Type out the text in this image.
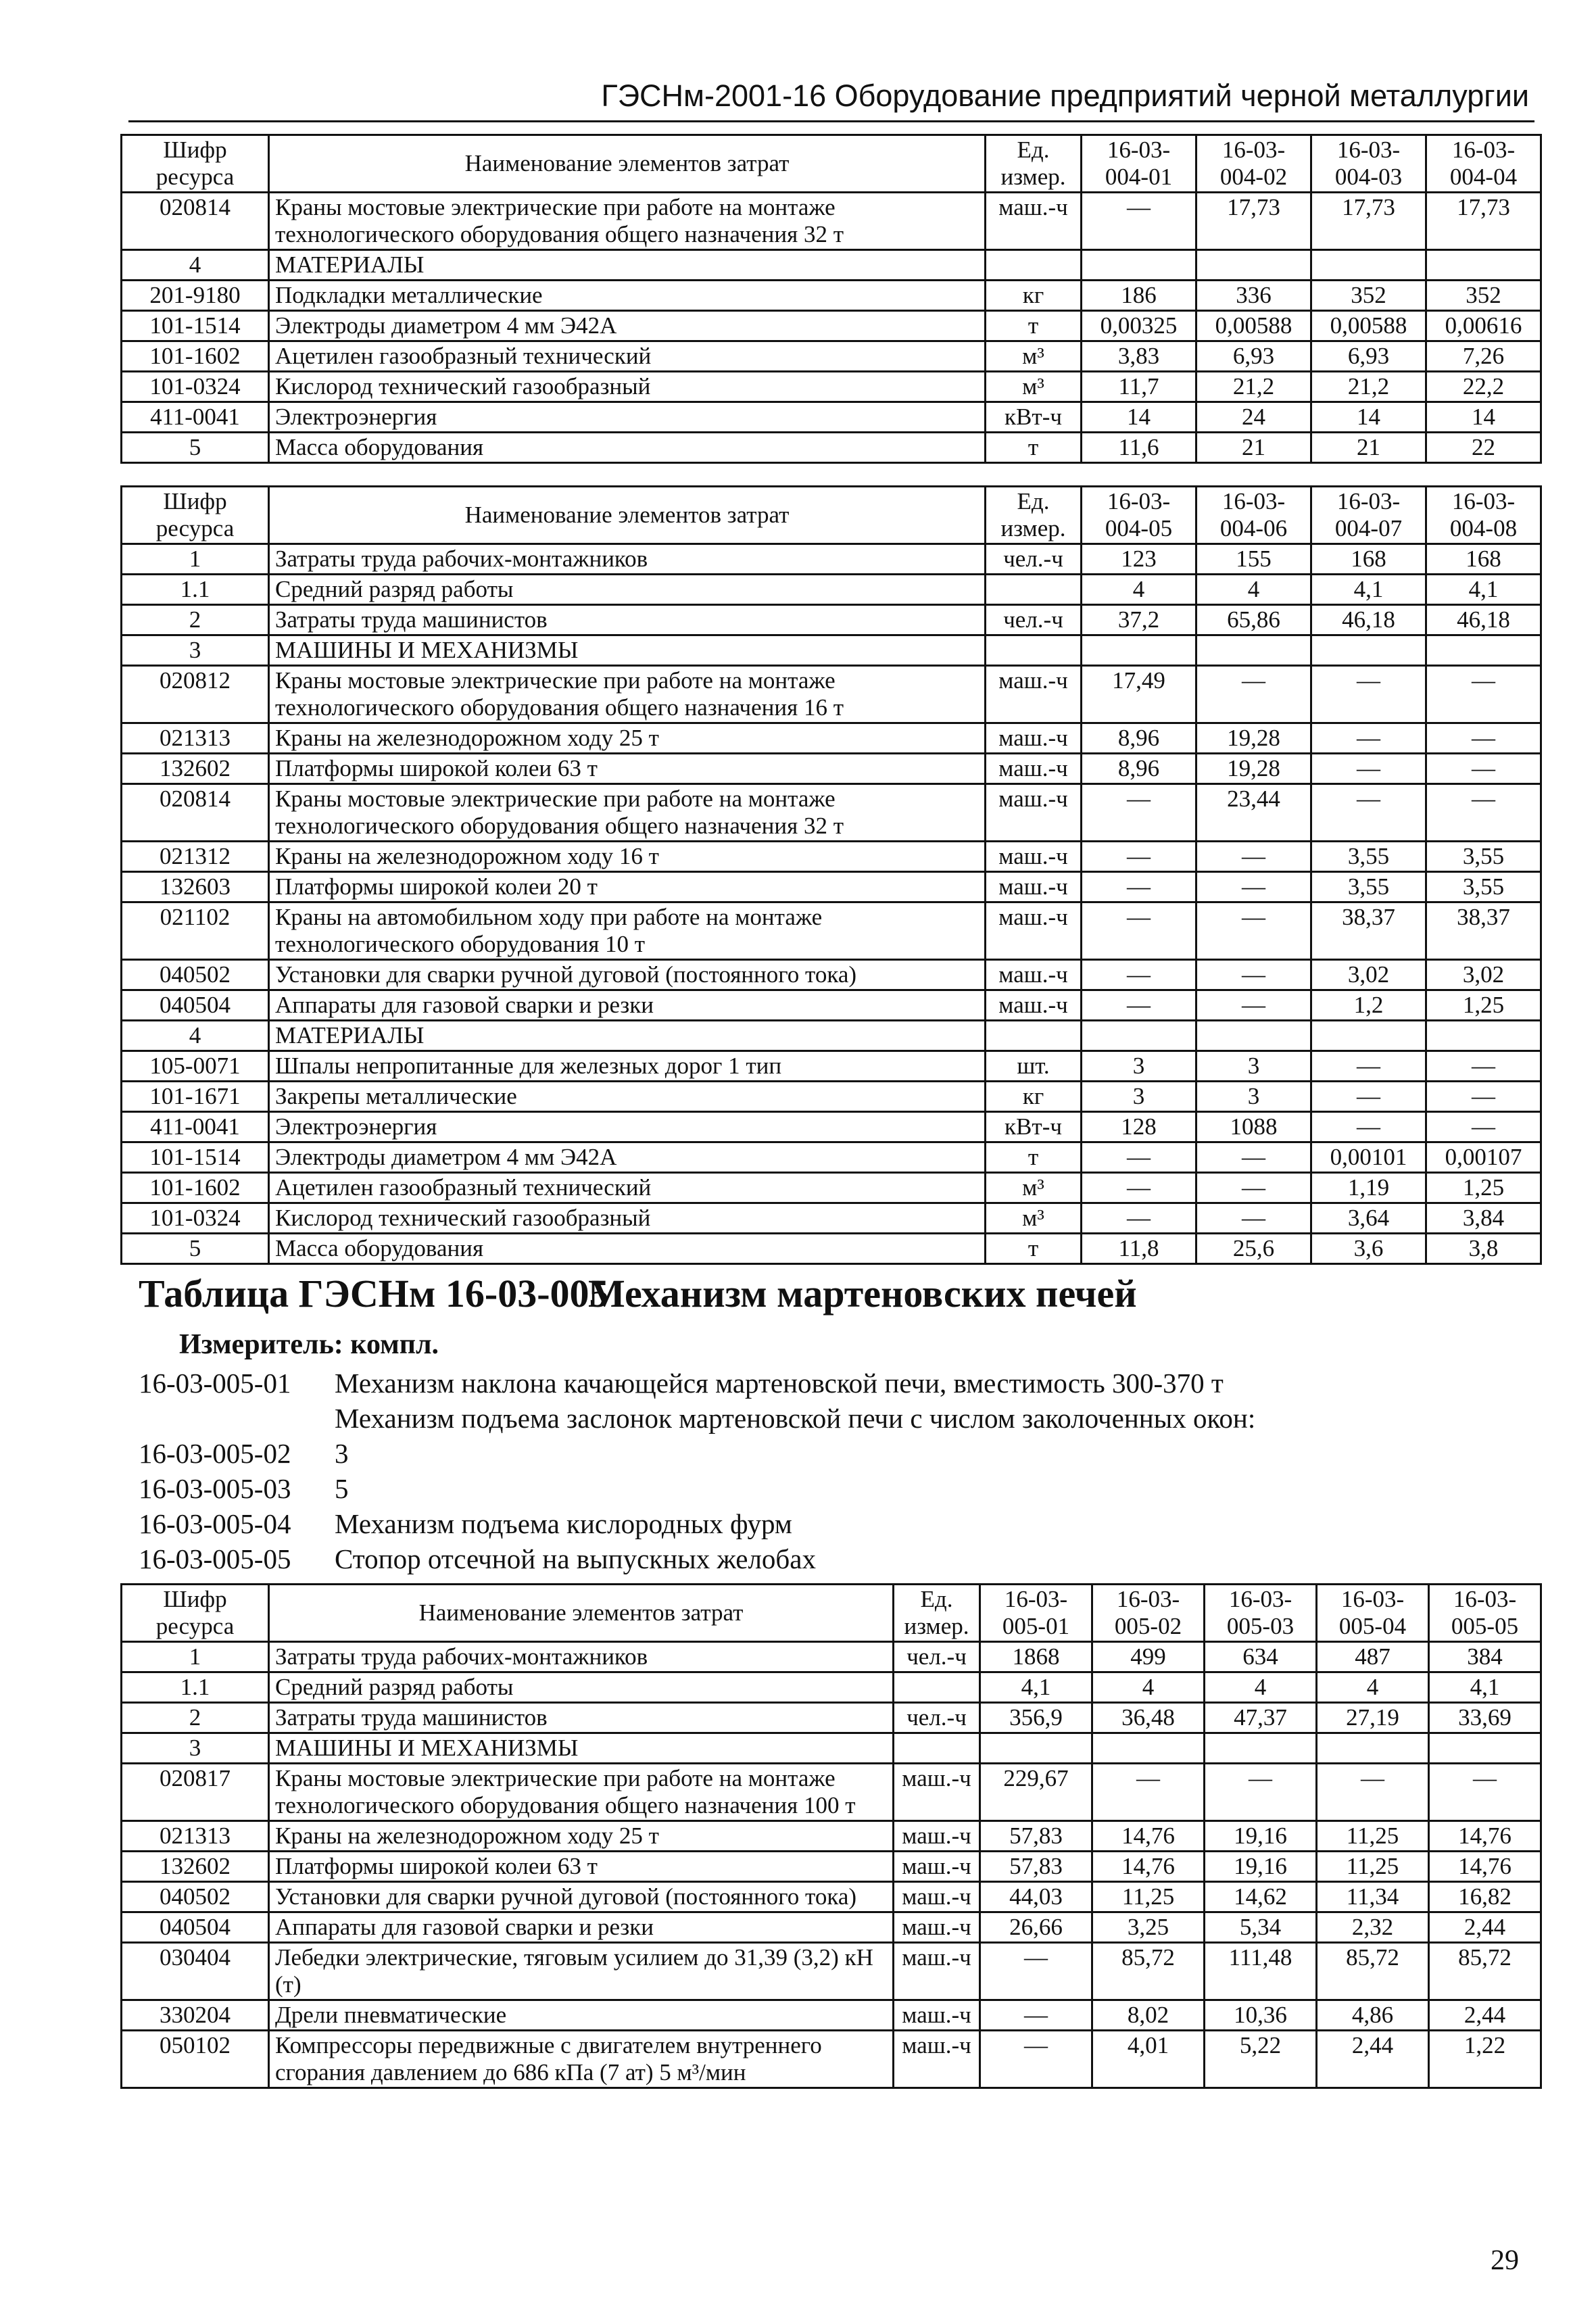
ГЭСНм-2001-16 Оборудование предприятий черной металлургии
Шифр ресурса	Наименование элементов затрат	Ед. измер.	16-03-004-01	16-03-004-02	16-03-004-03	16-03-004-04
020814	Краны мостовые электрические при работе на монтаже технологического оборудования общего назначения 32 т	маш.-ч	—	17,73	17,73	17,73
4	МАТЕРИАЛЫ					
201-9180	Подкладки металлические	кг	186	336	352	352
101-1514	Электроды диаметром 4 мм Э42А	т	0,00325	0,00588	0,00588	0,00616
101-1602	Ацетилен газообразный технический	м³	3,83	6,93	6,93	7,26
101-0324	Кислород технический газообразный	м³	11,7	21,2	21,2	22,2
411-0041	Электроэнергия	кВт-ч	14	24	14	14
5	Масса оборудования	т	11,6	21	21	22
Шифр ресурса	Наименование элементов затрат	Ед. измер.	16-03-004-05	16-03-004-06	16-03-004-07	16-03-004-08
1	Затраты труда рабочих-монтажников	чел.-ч	123	155	168	168
1.1	Средний разряд работы		4	4	4,1	4,1
2	Затраты труда машинистов	чел.-ч	37,2	65,86	46,18	46,18
3	МАШИНЫ И МЕХАНИЗМЫ					
020812	Краны мостовые электрические при работе на монтаже технологического оборудования общего назначения 16 т	маш.-ч	17,49	—	—	—
021313	Краны на железнодорожном ходу 25 т	маш.-ч	8,96	19,28	—	—
132602	Платформы широкой колеи 63 т	маш.-ч	8,96	19,28	—	—
020814	Краны мостовые электрические при работе на монтаже технологического оборудования общего назначения 32 т	маш.-ч	—	23,44	—	—
021312	Краны на железнодорожном ходу 16 т	маш.-ч	—	—	3,55	3,55
132603	Платформы широкой колеи 20 т	маш.-ч	—	—	3,55	3,55
021102	Краны на автомобильном ходу при работе на монтаже технологического оборудования 10 т	маш.-ч	—	—	38,37	38,37
040502	Установки для сварки ручной дуговой (постоянного тока)	маш.-ч	—	—	3,02	3,02
040504	Аппараты для газовой сварки и резки	маш.-ч	—	—	1,2	1,25
4	МАТЕРИАЛЫ					
105-0071	Шпалы непропитанные для железных дорог 1 тип	шт.	3	3	—	—
101-1671	Закрепы металлические	кг	3	3	—	—
411-0041	Электроэнергия	кВт-ч	128	1088	—	—
101-1514	Электроды диаметром 4 мм Э42А	т	—	—	0,00101	0,00107
101-1602	Ацетилен газообразный технический	м³	—	—	1,19	1,25
101-0324	Кислород технический газообразный	м³	—	—	3,64	3,84
5	Масса оборудования	т	11,8	25,6	3,6	3,8
Таблица ГЭСНм 16-03-005
Механизм мартеновских печей
Измеритель: компл.
16-03-005-01	Механизм наклона качающейся мартеновской печи, вместимость 300-370 т
Механизм подъема заслонок мартеновской печи с числом заколоченных окон:
16-03-005-02	3
16-03-005-03	5
16-03-005-04	Механизм подъема кислородных фурм
16-03-005-05	Стопор отсечной на выпускных желобах
Шифр ресурса	Наименование элементов затрат	Ед. измер.	16-03-005-01	16-03-005-02	16-03-005-03	16-03-005-04	16-03-005-05
1	Затраты труда рабочих-монтажников	чел.-ч	1868	499	634	487	384
1.1	Средний разряд работы		4,1	4	4	4	4,1
2	Затраты труда машинистов	чел.-ч	356,9	36,48	47,37	27,19	33,69
3	МАШИНЫ И МЕХАНИЗМЫ						
020817	Краны мостовые электрические при работе на монтаже технологического оборудования общего назначения 100 т	маш.-ч	229,67	—	—	—	—
021313	Краны на железнодорожном ходу 25 т	маш.-ч	57,83	14,76	19,16	11,25	14,76
132602	Платформы широкой колеи 63 т	маш.-ч	57,83	14,76	19,16	11,25	14,76
040502	Установки для сварки ручной дуговой (постоянного тока)	маш.-ч	44,03	11,25	14,62	11,34	16,82
040504	Аппараты для газовой сварки и резки	маш.-ч	26,66	3,25	5,34	2,32	2,44
030404	Лебедки электрические, тяговым усилием до 31,39 (3,2) кН (т)	маш.-ч	—	85,72	111,48	85,72	85,72
330204	Дрели пневматические	маш.-ч	—	8,02	10,36	4,86	2,44
050102	Компрессоры передвижные с двигателем внутреннего сгорания давлением до 686 кПа (7 ат) 5 м³/мин	маш.-ч	—	4,01	5,22	2,44	1,22
29
